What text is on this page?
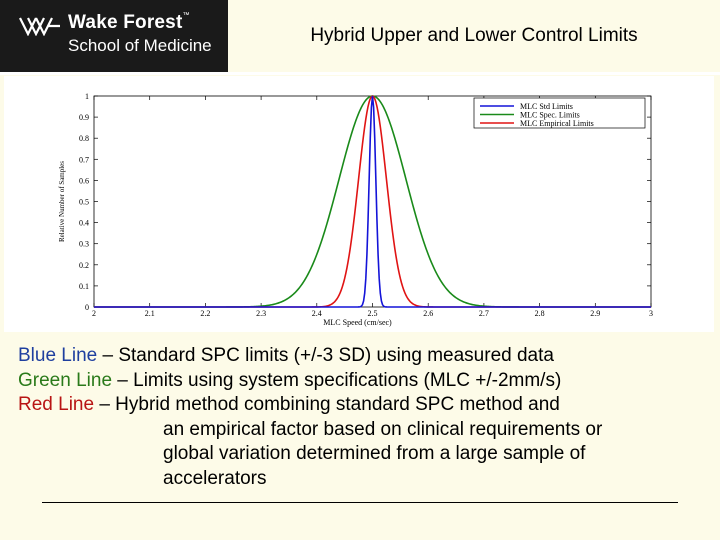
Wake Forest™
School of Medicine	Hybrid Upper and Lower Control Limits
2	2.1	2.2	2.3	2.4	2.5	2.6	2.7	2.8	2.9	3
0
0.1
0.2
0.3
0.4
0.5
0.6
0.7
0.8
0.9
1
MLC Speed (cm/sec)
Relative Number of Samples
MLC Std Limits
MLC Spec. Limits
MLC Empirical Limits
Blue Line – Standard SPC limits (+/-3 SD) using measured data
Green Line – Limits using system specifications (MLC +/-2mm/s)
Red Line – Hybrid method combining standard SPC method and
an empirical factor based on clinical requirements or
global variation determined from a large sample of
accelerators
